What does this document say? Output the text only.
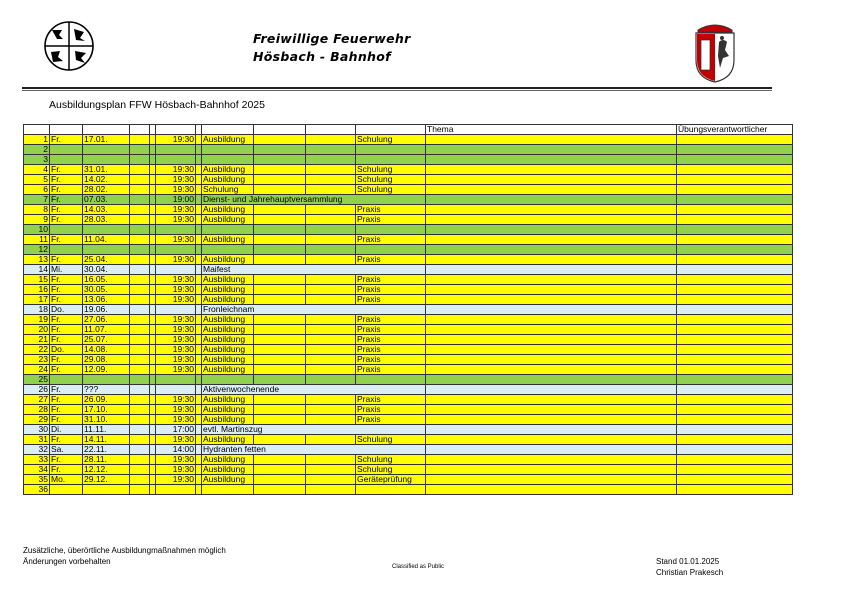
Freiwillige Feuerwehr
Hösbach - Bahnhof
Ausbildungsplan FFW Hösbach-Bahnhof 2025
											Thema	Übungsverantwortlicher
1	Fr.	17.01.			19:30		Ausbildung			Schulung		
2												
3												
4	Fr.	31.01.			19:30		Ausbildung			Schulung		
5	Fr.	14.02.			19:30		Ausbildung			Schulung		
6	Fr.	28.02.			19:30		Schulung			Schulung		
7	Fr.	07.03.			19:00		Dienst- und Jahrehauptversammlung					
8	Fr.	14.03.			19:30		Ausbildung			Praxis		
9	Fr.	28.03.			19:30		Ausbildung			Praxis		
10												
11	Fr.	11.04.			19:30		Ausbildung			Praxis		
12												
13	Fr.	25.04.			19:30		Ausbildung			Praxis		
14	Mi.	30.04.					Maifest					
15	Fr.	16.05.			19:30		Ausbildung			Praxis		
16	Fr.	30.05.			19:30		Ausbildung			Praxis		
17	Fr.	13.06.			19:30		Ausbildung			Praxis		
18	Do.	19.06.					Fronleichnam					
19	Fr.	27.06.			19:30		Ausbildung			Praxis		
20	Fr.	11.07.			19:30		Ausbildung			Praxis		
21	Fr.	25.07.			19:30		Ausbildung			Praxis		
22	Do.	14.08.			19:30		Ausbildung			Praxis		
23	Fr.	29.08.			19:30		Ausbildung			Praxis		
24	Fr.	12.09.			19:30		Ausbildung			Praxis		
25												
26	Fr.	???					Aktivenwochenende					
27	Fr.	26.09.			19:30		Ausbildung			Praxis		
28	Fr.	17.10.			19:30		Ausbildung			Praxis		
29	Fr.	31.10.			19:30		Ausbildung			Praxis		
30	Di.	11.11.			17:00		evtl. Martinszug					
31	Fr.	14.11.			19:30		Ausbildung			Schulung		
32	Sa.	22.11.			14:00		Hydranten fetten					
33	Fr.	28.11.			19:30		Ausbildung			Schulung		
34	Fr.	12.12.			19:30		Ausbildung			Schulung		
35	Mo.	29.12.			19:30		Ausbildung			Geräteprüfung		
36												
Zusätzliche, überörtliche Ausbildungmaßnahmen möglich
Änderungen vorbehalten
Classified as Public
Stand 01.01.2025
Christian Prakesch
